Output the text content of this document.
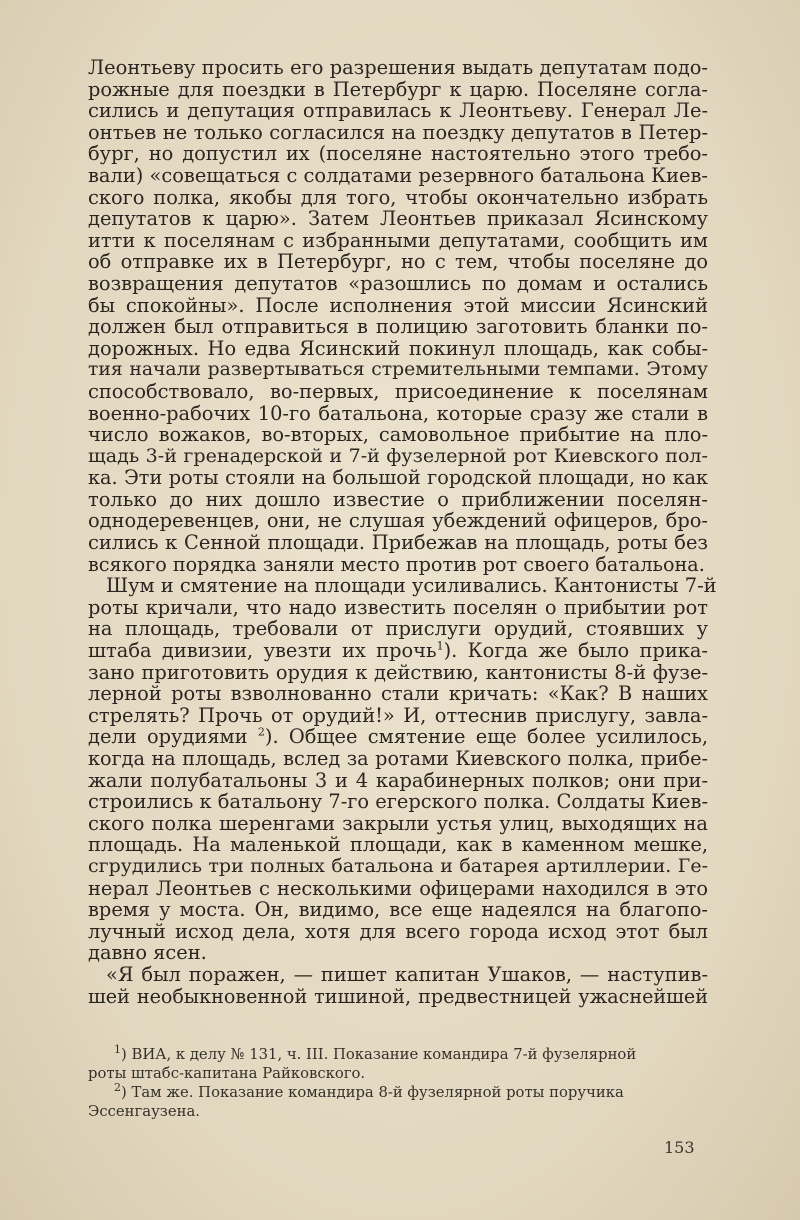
Леонтьеву просить его разрешения выдать депутатам подо-
рожные для поездки в Петербург к царю. Поселяне согла-
сились и депутация отправилась к Леонтьеву. Генерал Ле-
онтьев не только согласился на поездку депутатов в Петер-
бург, но допустил их (поселяне настоятельно этого требо-
вали) «совещаться с солдатами резервного батальона Киев-
ского полка, якобы для того, чтобы окончательно избрать
депутатов к царю». Затем Леонтьев приказал Ясинскому
итти к поселянам с избранными депутатами, сообщить им
об отправке их в Петербург, но с тем, чтобы поселяне до
возвращения депутатов «разошлись по домам и остались
бы спокойны». После исполнения этой миссии Ясинский
должен был отправиться в полицию заготовить бланки по-
дорожных. Но едва Ясинский покинул площадь, как собы-
тия начали развертываться стремительными темпами. Этому
способствовало, во-первых, присоединение к поселянам
военно-рабочих 10-го батальона, которые сразу же стали в
число вожаков, во-вторых, самовольное прибытие на пло-
щадь 3-й гренадерской и 7-й фузелерной рот Киевского пол-
ка. Эти роты стояли на большой городской площади, но как
только до них дошло известие о приближении поселян-
однодеревенцев, они, не слушая убеждений офицеров, бро-
сились к Сенной площади. Прибежав на площадь, роты без
всякого порядка заняли место против рот своего батальона.

Шум и смятение на площади усиливались. Кантонисты 7-й
роты кричали, что надо известить поселян о прибытии рот
на площадь, требовали от прислуги орудий, стоявших у
штаба дивизии, увезти их прочь$^1$). Когда же было прика-
зано приготовить орудия к действию, кантонисты 8-й фузе-
лерной роты взволнованно стали кричать: «Как? В наших
стрелять? Прочь от орудий!» И, оттеснив прислугу, завла-
дели орудиями $^2$). Общее смятение еще более усилилось,
когда на площадь, вслед за ротами Киевского полка, прибе-
жали полубатальоны 3 и 4 карабинерных полков; они при-
строились к батальону 7-го егерского полка. Солдаты Киев-
ского полка шеренгами закрыли устья улиц, выходящих на
площадь. На маленькой площади, как в каменном мешке,
сгрудились три полных батальона и батарея артиллерии. Ге-
нерал Леонтьев с несколькими офицерами находился в это
время у моста. Он, видимо, все еще надеялся на благопо-
лучный исход дела, хотя для всего города исход этот был
давно ясен.

«Я был поражен, — пишет капитан Ушаков, — наступив-
шей необыкновенной тишиной, предвестницей ужаснейшей

$^1$) ВИА, к делу № 131, ч. III. Показание командира 7-й фузелярной
роты штабс-капитана Райковского.
$^2$) Там же. Показание командира 8-й фузелярной роты поручика
Эссенгаузена.
153
